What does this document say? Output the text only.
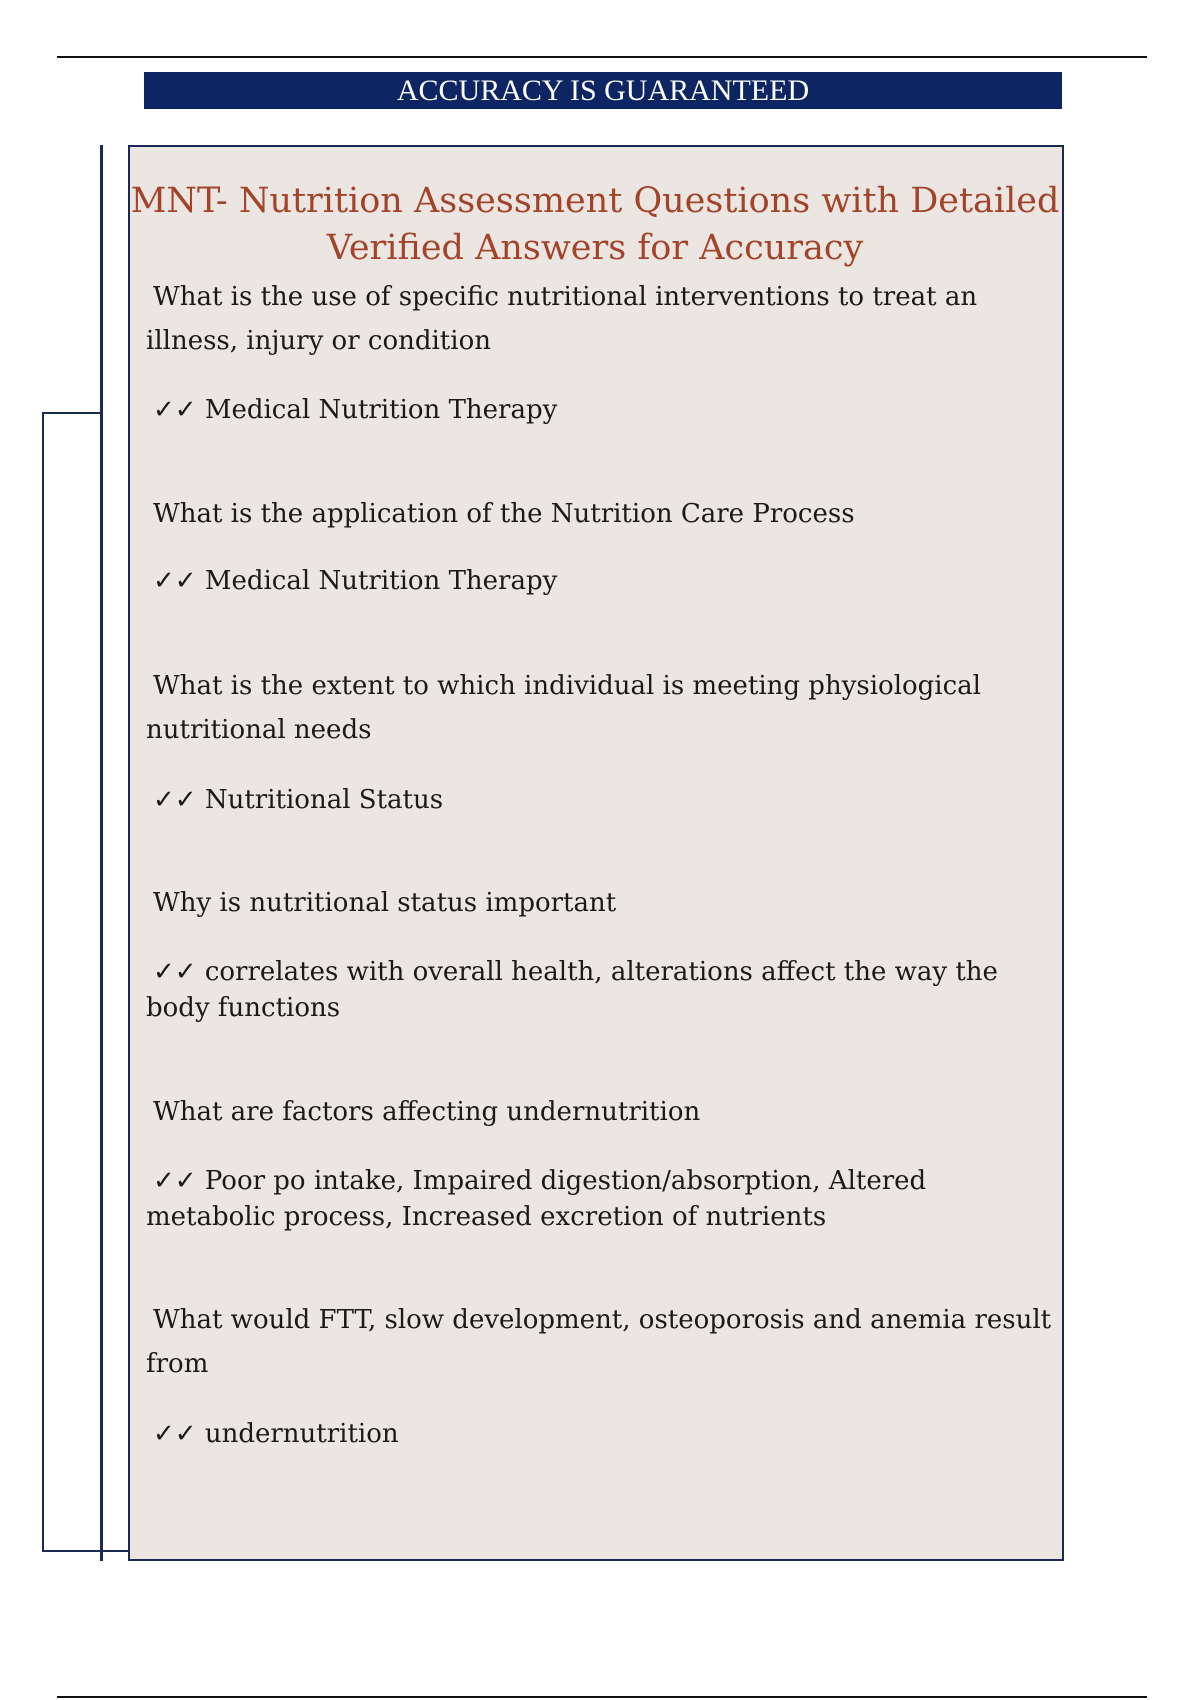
ACCURACY IS GUARANTEED
MNT- Nutrition Assessment Questions with Detailed Verified Answers for Accuracy
What is the use of specific nutritional interventions to treat an illness, injury or condition
✓✓ Medical Nutrition Therapy
What is the application of the Nutrition Care Process
✓✓ Medical Nutrition Therapy
What is the extent to which individual is meeting physiological nutritional needs
✓✓ Nutritional Status
Why is nutritional status important
✓✓ correlates with overall health, alterations affect the way the body functions
What are factors affecting undernutrition
✓✓ Poor po intake, Impaired digestion/absorption, Altered metabolic process, Increased excretion of nutrients
What would FTT, slow development, osteoporosis and anemia result from
✓✓ undernutrition
